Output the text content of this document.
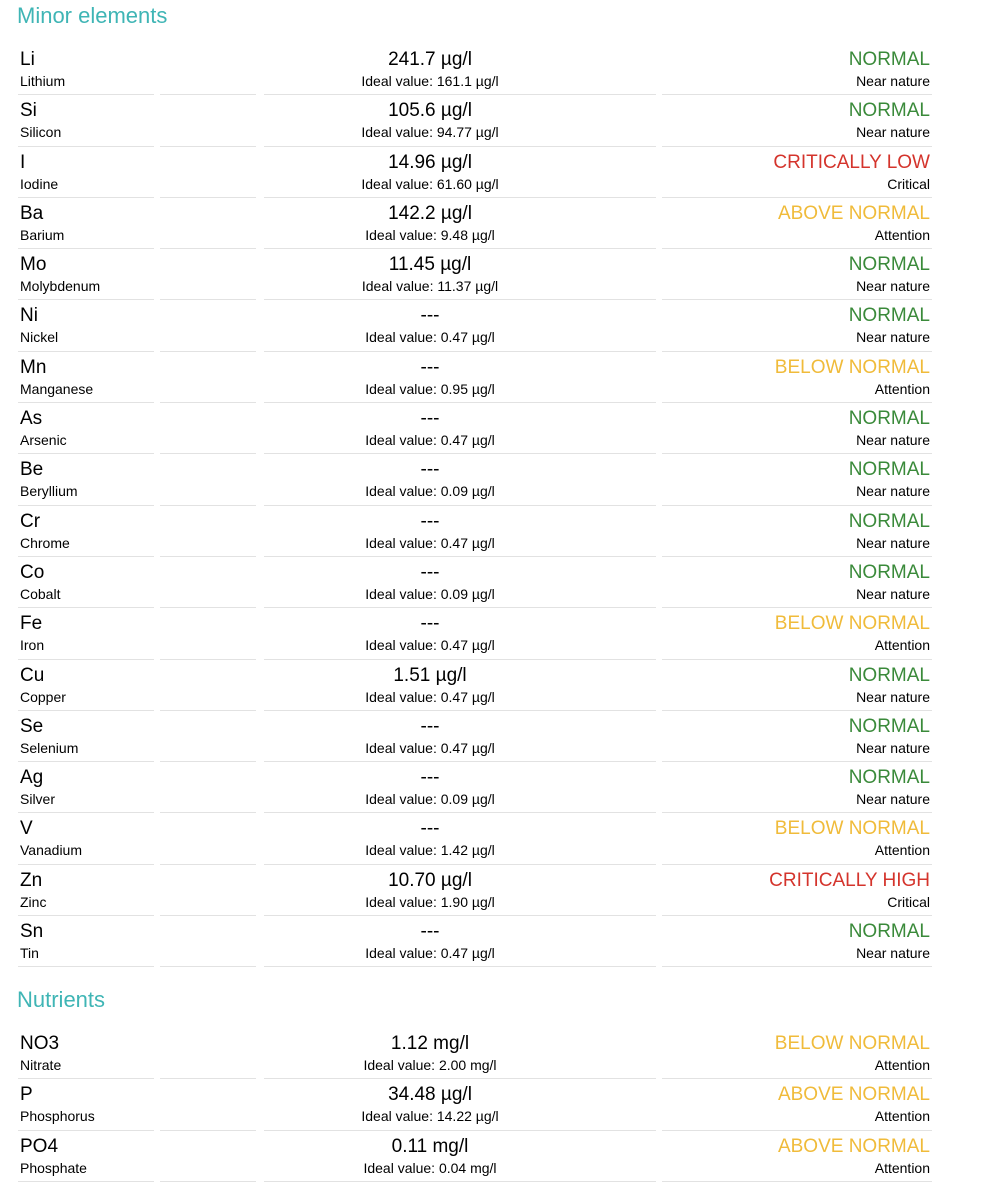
Minor elements
Li
Lithium
241.7 µg/l
Ideal value: 161.1 µg/l
NORMAL
Near nature
Si
Silicon
105.6 µg/l
Ideal value: 94.77 µg/l
NORMAL
Near nature
I
Iodine
14.96 µg/l
Ideal value: 61.60 µg/l
CRITICALLY LOW
Critical
Ba
Barium
142.2 µg/l
Ideal value: 9.48 µg/l
ABOVE NORMAL
Attention
Mo
Molybdenum
11.45 µg/l
Ideal value: 11.37 µg/l
NORMAL
Near nature
Ni
Nickel
---
Ideal value: 0.47 µg/l
NORMAL
Near nature
Mn
Manganese
---
Ideal value: 0.95 µg/l
BELOW NORMAL
Attention
As
Arsenic
---
Ideal value: 0.47 µg/l
NORMAL
Near nature
Be
Beryllium
---
Ideal value: 0.09 µg/l
NORMAL
Near nature
Cr
Chrome
---
Ideal value: 0.47 µg/l
NORMAL
Near nature
Co
Cobalt
---
Ideal value: 0.09 µg/l
NORMAL
Near nature
Fe
Iron
---
Ideal value: 0.47 µg/l
BELOW NORMAL
Attention
Cu
Copper
1.51 µg/l
Ideal value: 0.47 µg/l
NORMAL
Near nature
Se
Selenium
---
Ideal value: 0.47 µg/l
NORMAL
Near nature
Ag
Silver
---
Ideal value: 0.09 µg/l
NORMAL
Near nature
V
Vanadium
---
Ideal value: 1.42 µg/l
BELOW NORMAL
Attention
Zn
Zinc
10.70 µg/l
Ideal value: 1.90 µg/l
CRITICALLY HIGH
Critical
Sn
Tin
---
Ideal value: 0.47 µg/l
NORMAL
Near nature
Nutrients
NO3
Nitrate
1.12 mg/l
Ideal value: 2.00 mg/l
BELOW NORMAL
Attention
P
Phosphorus
34.48 µg/l
Ideal value: 14.22 µg/l
ABOVE NORMAL
Attention
PO4
Phosphate
0.11 mg/l
Ideal value: 0.04 mg/l
ABOVE NORMAL
Attention
